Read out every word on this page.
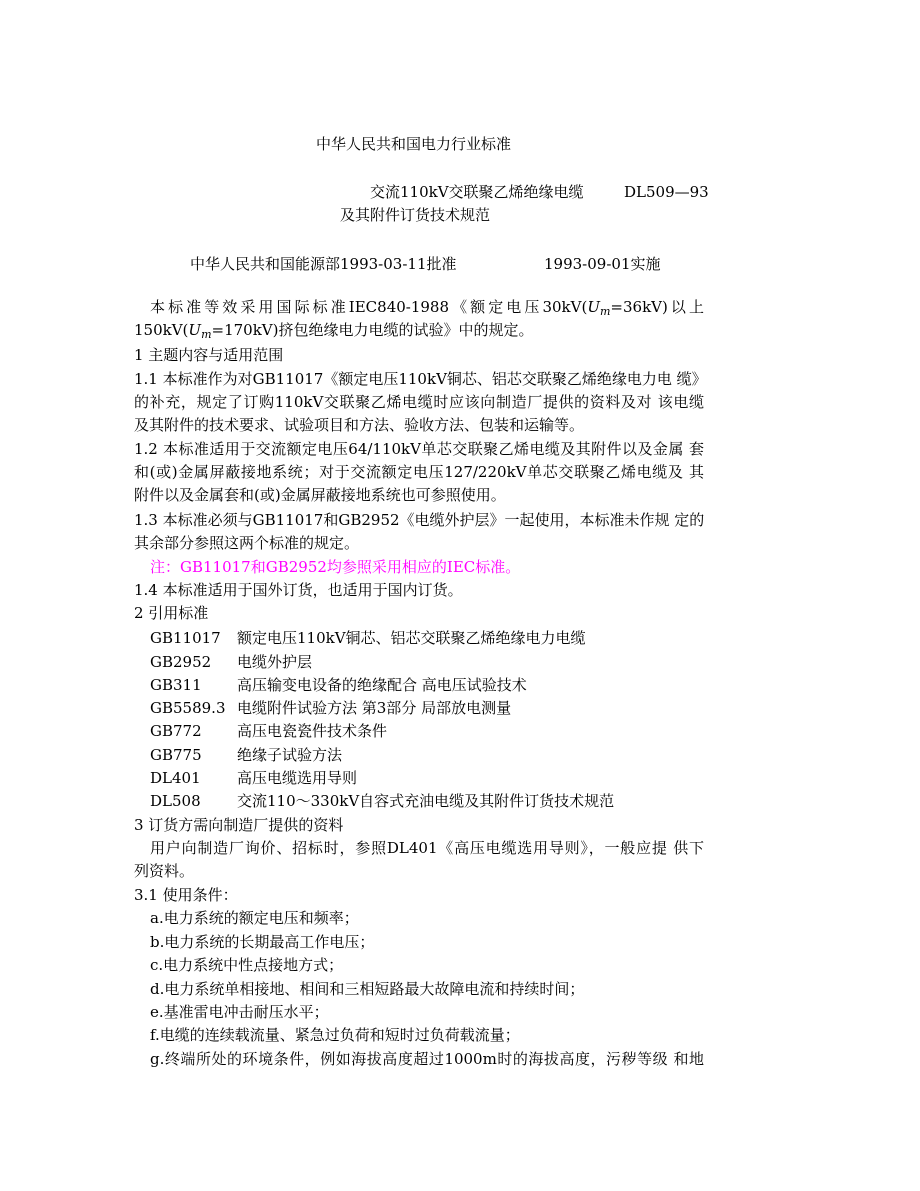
中华人民共和国电力行业标准
交流110kV交联聚乙烯绝缘电缆	DL509—93
及其附件订货技术规范
中华人民共和国能源部1993-03-11批准	1993-09-01实施
本标准等效采用国际标准IEC840-1988《额定电压$30kV(U_m=36kV)$以上
$150kV(U_m=170kV)$挤包绝缘电力电缆的试验》中的规定。
1 主题内容与适用范围
1.1 本标准作为对GB11017《额定电压110kV铜芯、铝芯交联聚乙烯绝缘电力电 缆》
的补充，规定了订购110kV交联聚乙烯电缆时应该向制造厂提供的资料及对 该电缆
及其附件的技术要求、试验项目和方法、验收方法、包装和运输等。
1.2 本标准适用于交流额定电压64/110kV单芯交联聚乙烯电缆及其附件以及金属 套
和(或)金属屏蔽接地系统；对于交流额定电压127/220kV单芯交联聚乙烯电缆及 其
附件以及金属套和(或)金属屏蔽接地系统也可参照使用。
1.3 本标准必须与GB11017和GB2952《电缆外护层》一起使用，本标准未作规 定的
其余部分参照这两个标准的规定。
注：GB11017和GB2952均参照采用相应的IEC标准。
1.4 本标准适用于国外订货，也适用于国内订货。
2 引用标准
GB11017 额定电压110kV铜芯、铝芯交联聚乙烯绝缘电力电缆
GB2952 电缆外护层
GB311 高压输变电设备的绝缘配合 高电压试验技术
GB5589.3 电缆附件试验方法 第3部分 局部放电测量
GB772 高压电瓷瓷件技术条件
GB775 绝缘子试验方法
DL401 高压电缆选用导则
DL508 交流110～330kV自容式充油电缆及其附件订货技术规范
3 订货方需向制造厂提供的资料
用户向制造厂询价、招标时，参照DL401《高压电缆选用导则》，一般应提 供下
列资料。
3.1 使用条件：
a.电力系统的额定电压和频率；
b.电力系统的长期最高工作电压；
c.电力系统中性点接地方式；
d.电力系统单相接地、相间和三相短路最大故障电流和持续时间；
e.基准雷电冲击耐压水平；
f.电缆的连续载流量、紧急过负荷和短时过负荷载流量；
g.终端所处的环境条件，例如海拔高度超过1000m时的海拔高度，污秽等级 和地
